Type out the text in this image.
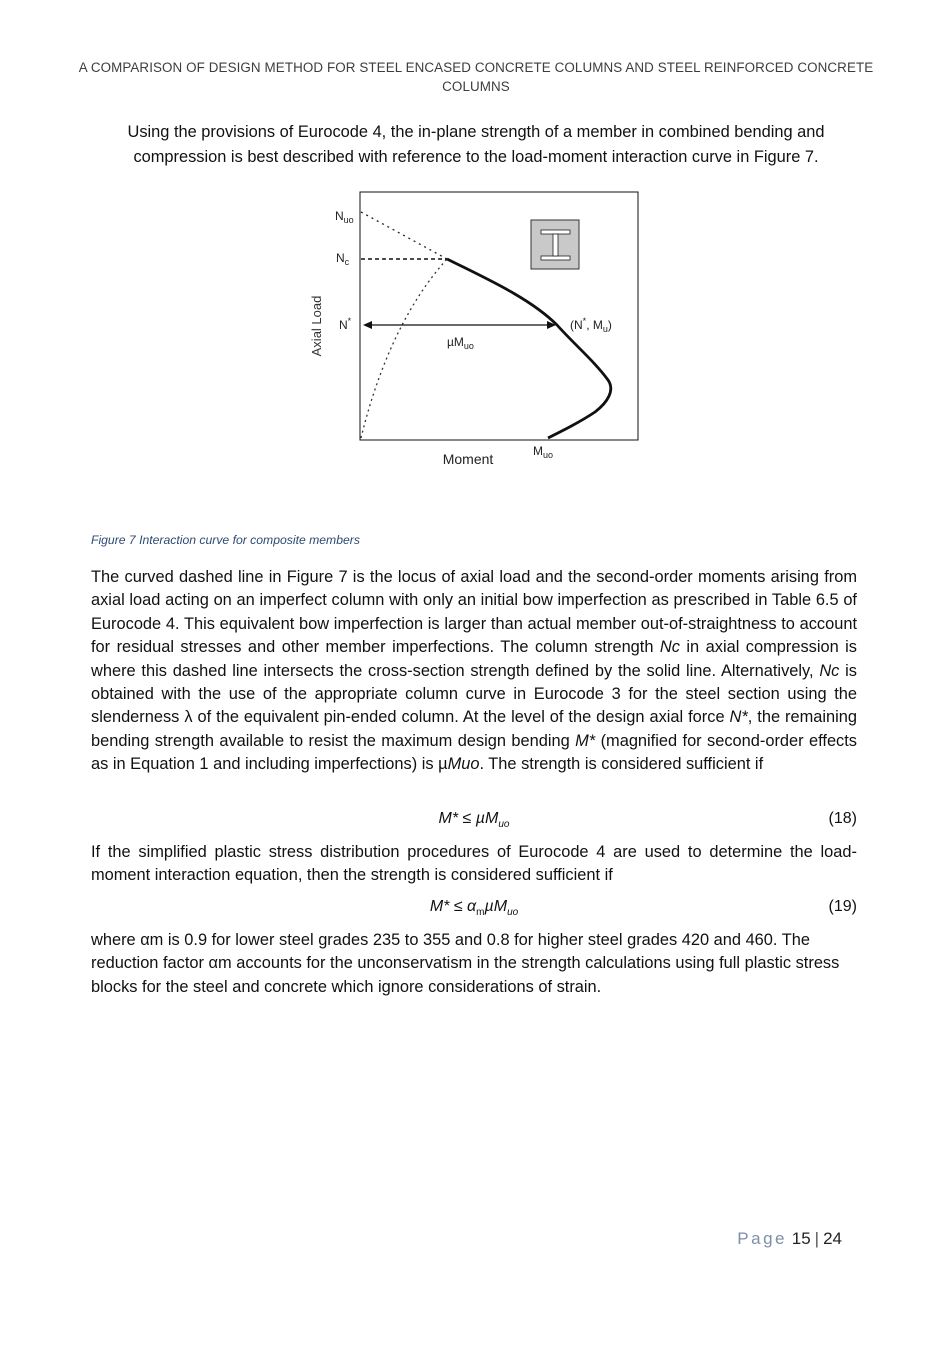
A COMPARISON OF DESIGN METHOD FOR STEEL ENCASED CONCRETE COLUMNS AND STEEL REINFORCED CONCRETE
COLUMNS
Using the provisions of Eurocode 4, the in-plane strength of a member in combined bending and compression is best described with reference to the load-moment interaction curve in Figure 7.
Axial Load
Moment
$N_{uo}$
$N_c$
N*
µM$_{uo}$
(N*, $M_u$)
$M_{uo}$
Figure 7 Interaction curve for composite members

The curved dashed line in Figure 7 is the locus of axial load and the second-order moments arising from axial load acting on an imperfect column with only an initial bow imperfection as prescribed in Table 6.5 of Eurocode 4. This equivalent bow imperfection is larger than actual member out-of-straightness to account for residual stresses and other member imperfections. The column strength Nc in axial compression is where this dashed line intersects the cross-section strength defined by the solid line. Alternatively, Nc is obtained with the use of the appropriate column curve in Eurocode 3 for the steel section using the slenderness λ of the equivalent pin-ended column. At the level of the design axial force N*, the remaining bending strength available to resist the maximum design bending M* (magnified for second-order effects as in Equation 1 and including imperfections) is µMuo. The strength is considered sufficient if

M* ≤ µM$_{uo}$	(18)

If the simplified plastic stress distribution procedures of Eurocode 4 are used to determine the load-moment interaction equation, then the strength is considered sufficient if

$M* \le \alpha_m\mu M_{uo}$	(19)

where αm is 0.9 for lower steel grades 235 to 355 and 0.8 for higher steel grades 420 and 460. The reduction factor αm accounts for the unconservatism in the strength calculations using full plastic stress blocks for the steel and concrete which ignore considerations of strain.

Page 15 | 24
